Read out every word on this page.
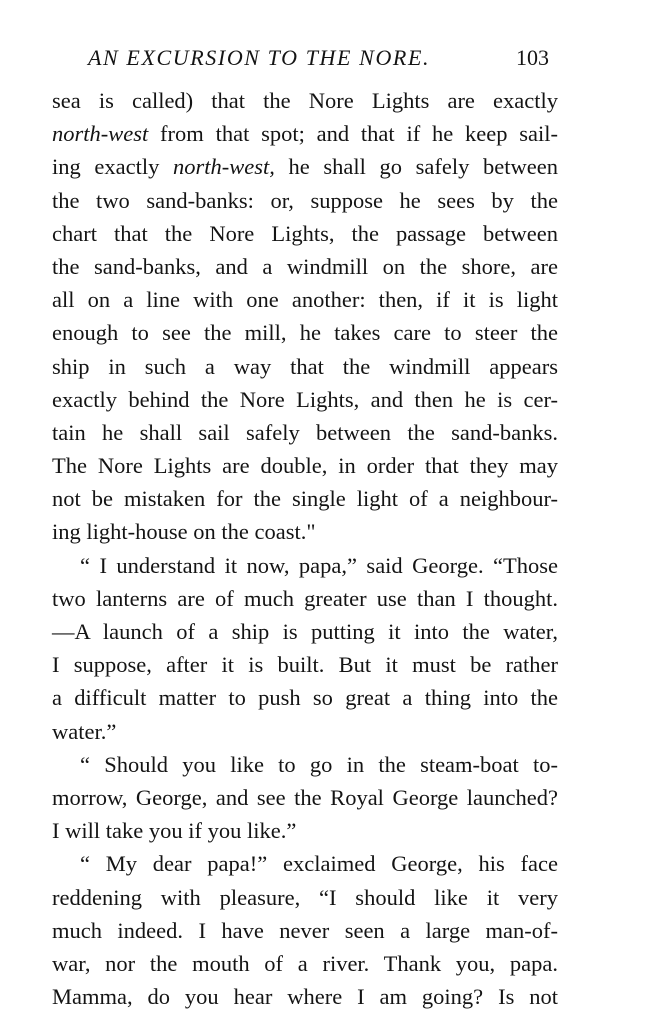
AN EXCURSION TO THE NORE.	103
sea is called) that the Nore Lights are exactly
north-west from that spot; and that if he keep sail-
ing exactly north-west, he shall go safely between
the two sand-banks: or, suppose he sees by the
chart that the Nore Lights, the passage between
the sand-banks, and a windmill on the shore, are
all on a line with one another: then, if it is light
enough to see the mill, he takes care to steer the
ship in such a way that the windmill appears
exactly behind the Nore Lights, and then he is cer-
tain he shall sail safely between the sand-banks.
The Nore Lights are double, in order that they may
not be mistaken for the single light of a neighbour-
ing light-house on the coast."
“ I understand it now, papa,” said George. “Those
two lanterns are of much greater use than I thought.
—A launch of a ship is putting it into the water,
I suppose, after it is built. But it must be rather
a difficult matter to push so great a thing into the
water.”
“ Should you like to go in the steam-boat to-
morrow, George, and see the Royal George launched?
I will take you if you like.”
“ My dear papa!” exclaimed George, his face
reddening with pleasure, “I should like it very
much indeed. I have never seen a large man-of-
war, nor the mouth of a river. Thank you, papa.
Mamma, do you hear where I am going? Is not
